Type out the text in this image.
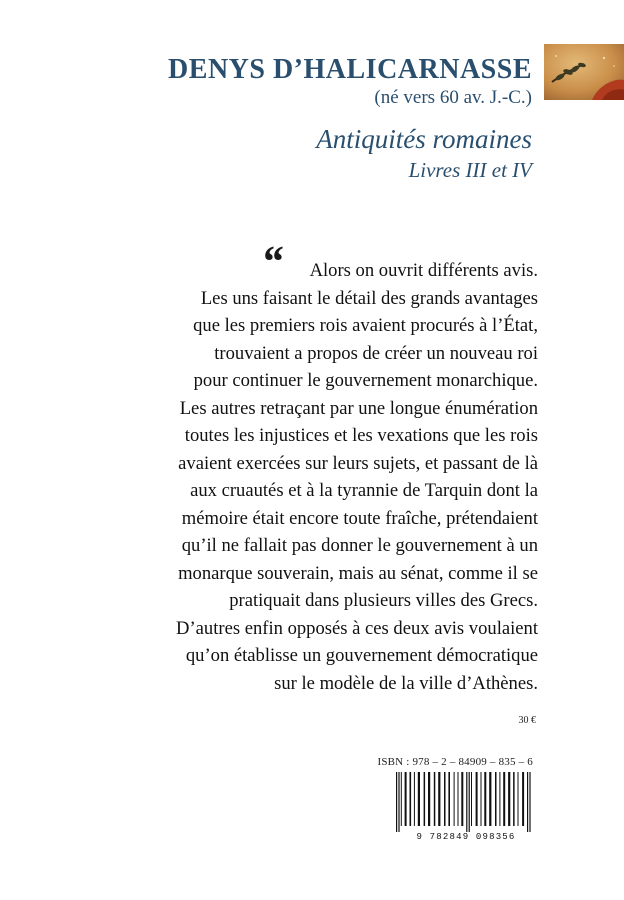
DENYS D’HALICARNASSE
(né vers 60 av. J.-C.)
Antiquités romaines
Livres III et IV
“	Alors on ouvrit différents avis.
Les uns faisant le détail des grands avantages
que les premiers rois avaient procurés à l’État,
trouvaient a propos de créer un nouveau roi
pour continuer le gouvernement monarchique.
Les autres retraçant par une longue énumération
toutes les injustices et les vexations que les rois
avaient exercées sur leurs sujets, et passant de là
aux cruautés et à la tyrannie de Tarquin dont la
mémoire était encore toute fraîche, prétendaient
qu’il ne fallait pas donner le gouvernement à un
monarque souverain, mais au sénat, comme il se
pratiquait dans plusieurs villes des Grecs.
D’autres enfin opposés à ces deux avis voulaient
qu’on établisse un gouvernement démocratique
sur le modèle de la ville d’Athènes.
30 €
ISBN : 978 – 2 – 84909 – 835 – 6
9 782849 098356
